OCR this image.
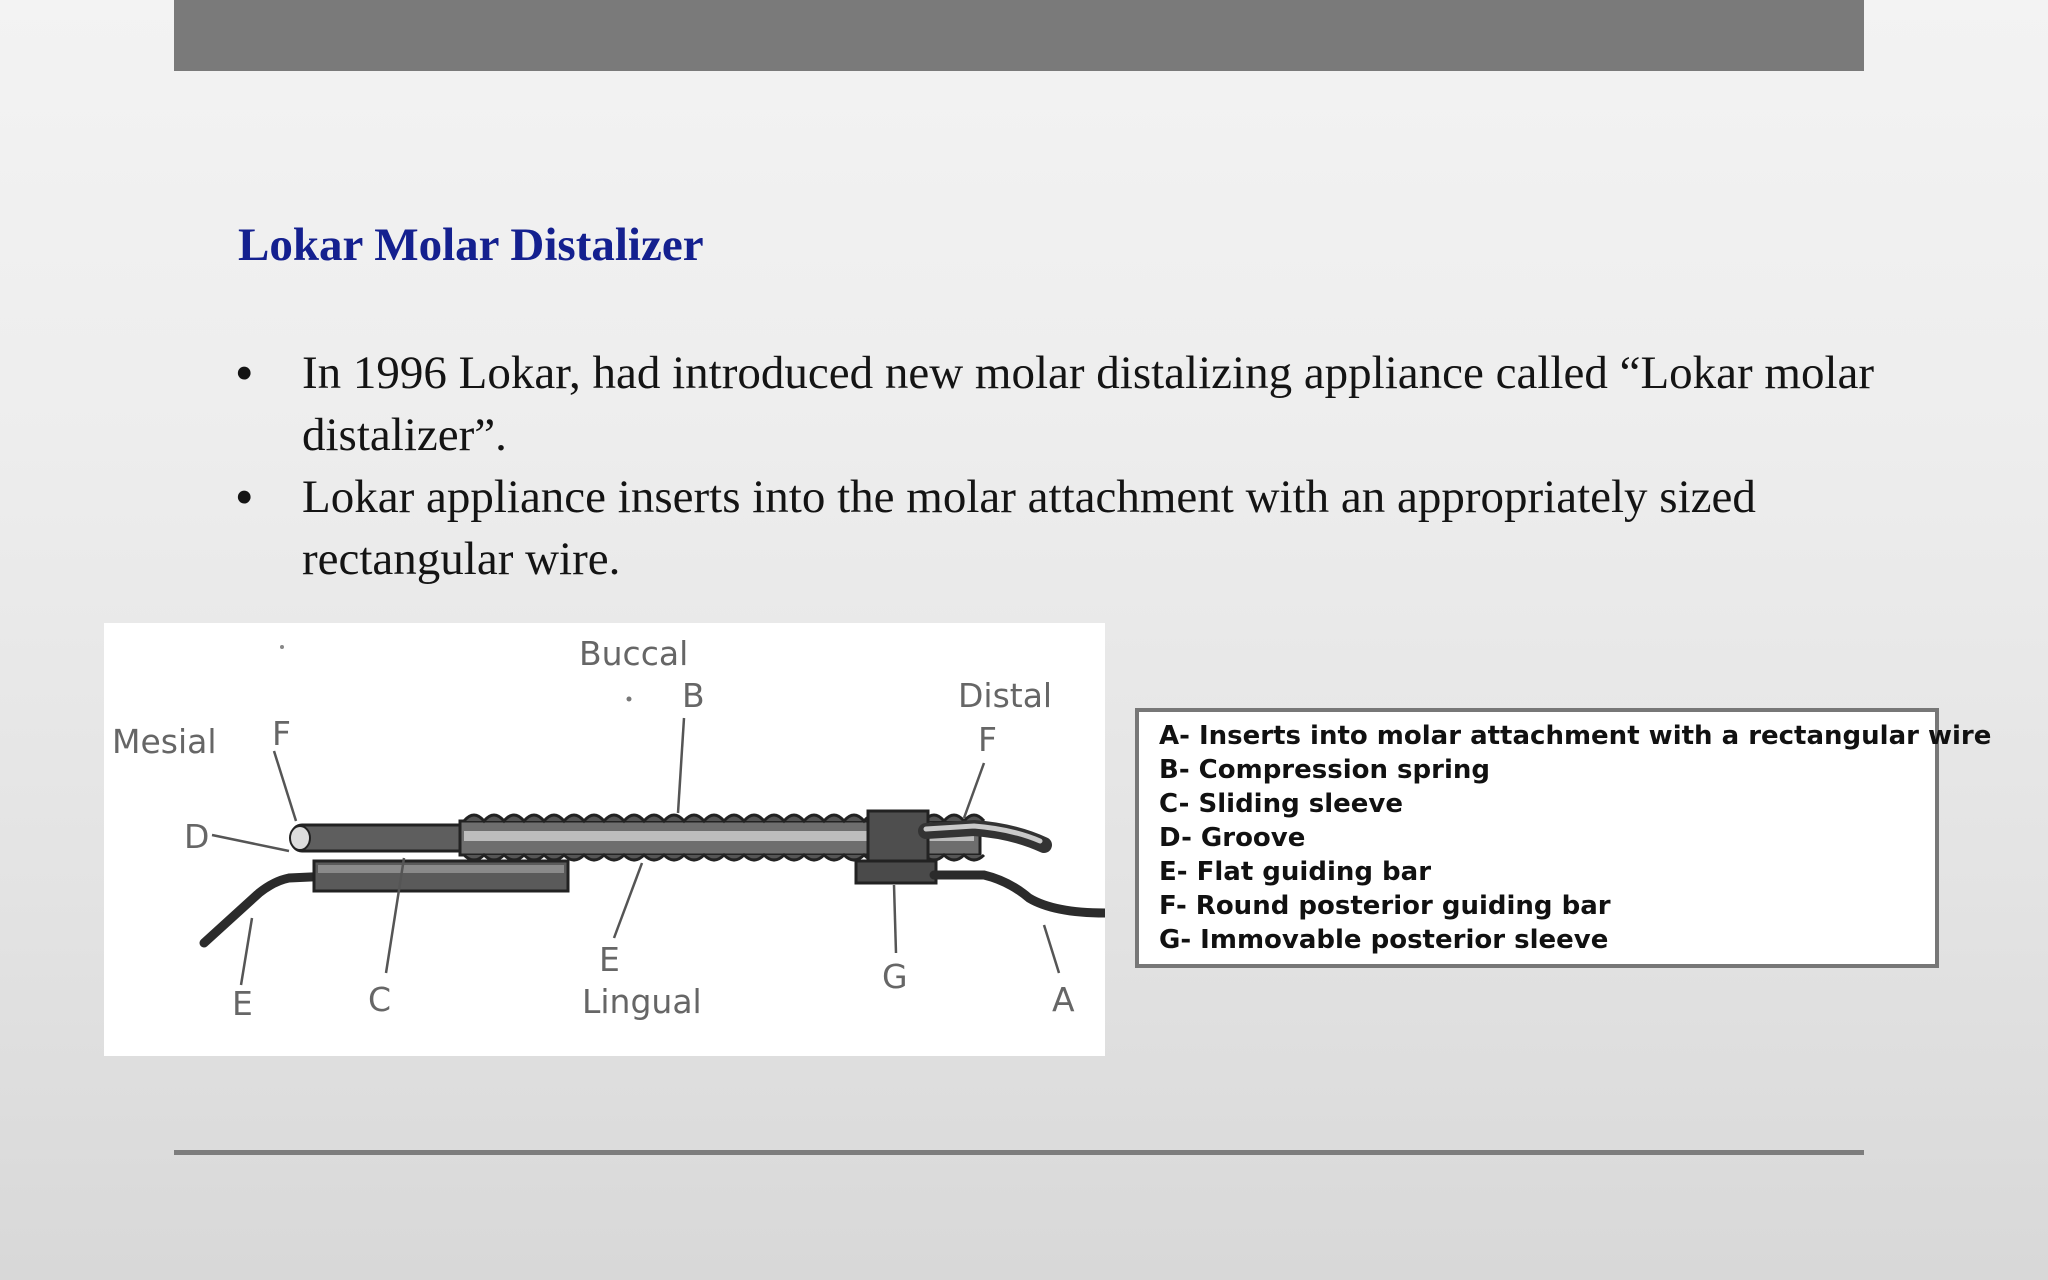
Lokar Molar Distalizer
• In 1996 Lokar, had introduced new molar distalizing appliance called “Lokar molar distalizer”.
• Lokar appliance inserts into the molar attachment with an appropriately sized rectangular wire.
Buccal
B	Distal
F
Mesial F
D
E
Lingual
G
A
E	C
A- Inserts into molar attachment with a rectangular wire
B- Compression spring
C- Sliding sleeve
D- Groove
E- Flat guiding bar
F- Round posterior guiding bar
G- Immovable posterior sleeve
